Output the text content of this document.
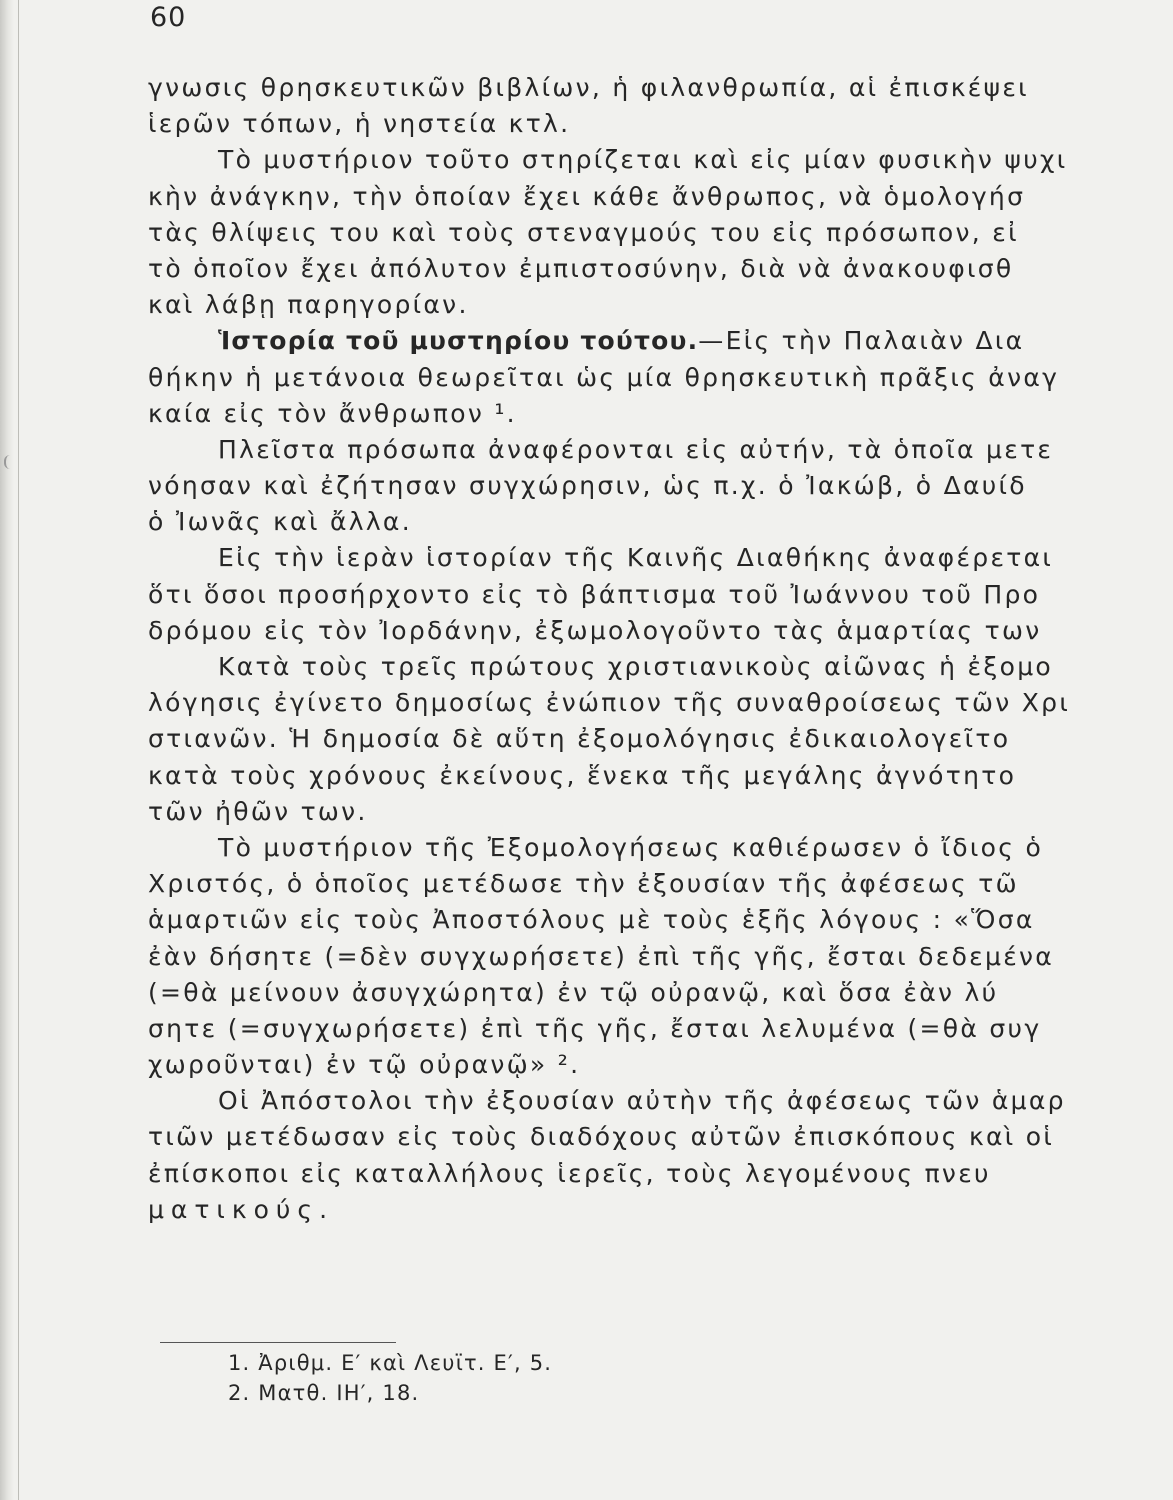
60
γνωσις θρησκευτικῶν βιβλίων, ἡ φιλανθρωπία, αἱ ἐπισκέψει
ἱερῶν τόπων, ἡ νηστεία κτλ.
Τὸ μυστήριον τοῦτο στηρίζεται καὶ εἰς μίαν φυσικὴν ψυχι
κὴν ἀνάγκην, τὴν ὁποίαν ἔχει κάθε ἄνθρωπος, νὰ ὁμολογήσ
τὰς θλίψεις του καὶ τοὺς στεναγμούς του εἰς πρόσωπον, εἰ
τὸ ὁποῖον ἔχει ἀπόλυτον ἐμπιστοσύνην, διὰ νὰ ἀνακουφισθ
καὶ λάβῃ παρηγορίαν.
Ἱστορία τοῦ μυστηρίου τούτου.—Εἰς τὴν Παλαιὰν Δια
θήκην ἡ μετάνοια θεωρεῖται ὡς μία θρησκευτικὴ πρᾶξις ἀναγ
καία εἰς τὸν ἄνθρωπον ¹.
Πλεῖστα πρόσωπα ἀναφέρονται εἰς αὐτήν, τὰ ὁποῖα μετε
νόησαν καὶ ἐζήτησαν συγχώρησιν, ὡς π.χ. ὁ Ἰακώβ, ὁ Δαυίδ
ὁ Ἰωνᾶς καὶ ἄλλα.
Εἰς τὴν ἱερὰν ἱστορίαν τῆς Καινῆς Διαθήκης ἀναφέρεται
ὅτι ὅσοι προσήρχοντο εἰς τὸ βάπτισμα τοῦ Ἰωάννου τοῦ Προ
δρόμου εἰς τὸν Ἰορδάνην, ἐξωμολογοῦντο τὰς ἁμαρτίας των
Κατὰ τοὺς τρεῖς πρώτους χριστιανικοὺς αἰῶνας ἡ ἐξομο
λόγησις ἐγίνετο δημοσίως ἐνώπιον τῆς συναθροίσεως τῶν Χρι
στιανῶν. Ἡ δημοσία δὲ αὕτη ἐξομολόγησις ἐδικαιολογεῖτο
κατὰ τοὺς χρόνους ἐκείνους, ἕνεκα τῆς μεγάλης ἀγνότητο
τῶν ἠθῶν των.
Τὸ μυστήριον τῆς Ἐξομολογήσεως καθιέρωσεν ὁ ἴδιος ὁ
Χριστός, ὁ ὁποῖος μετέδωσε τὴν ἐξουσίαν τῆς ἀφέσεως τῶ
ἁμαρτιῶν εἰς τοὺς Ἀποστόλους μὲ τοὺς ἑξῆς λόγους : «Ὅσα
ἐὰν δήσητε (=δὲν συγχωρήσετε) ἐπὶ τῆς γῆς, ἔσται δεδεμένα
(=θὰ μείνουν ἀσυγχώρητα) ἐν τῷ οὐρανῷ, καὶ ὅσα ἐὰν λύ
σητε (=συγχωρήσετε) ἐπὶ τῆς γῆς, ἔσται λελυμένα (=θὰ συγ
χωροῦνται) ἐν τῷ οὐρανῷ» ².
Οἱ Ἀπόστολοι τὴν ἐξουσίαν αὐτὴν τῆς ἀφέσεως τῶν ἁμαρ
τιῶν μετέδωσαν εἰς τοὺς διαδόχους αὐτῶν ἐπισκόπους καὶ οἱ
ἐπίσκοποι εἰς καταλλήλους ἱερεῖς, τοὺς λεγομένους πνευ
ματικούς.
1. Ἀριθμ. Ε′ καὶ Λευϊτ. Ε′, 5.
2. Ματθ. ΙΗ′, 18.
